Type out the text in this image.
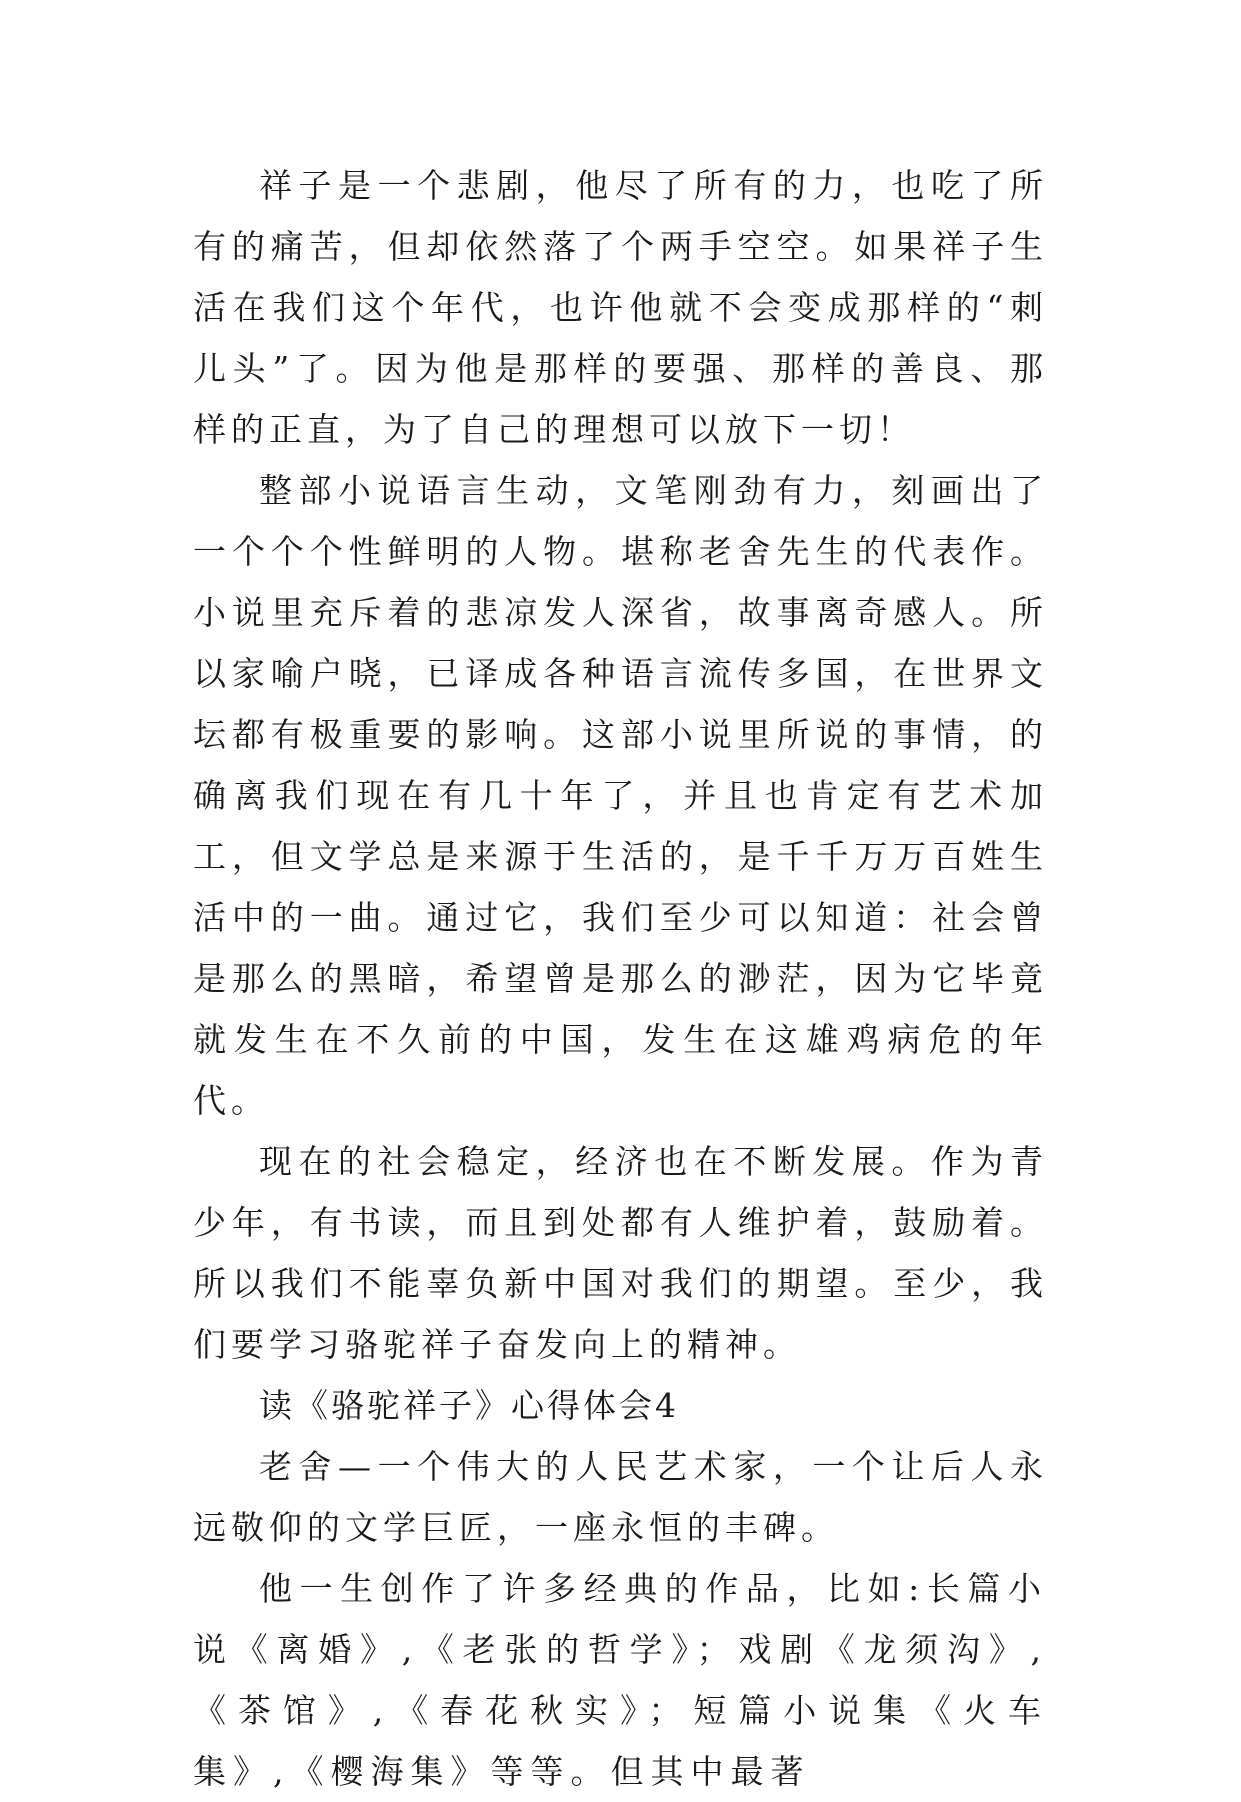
祥子是一个悲剧，他尽了所有的力，也吃了所有的痛苦，但却依然落了个两手空空。如果祥子生活在我们这个年代，也许他就不会变成那样的“刺儿头”了。因为他是那样的要强、那样的善良、那样的正直，为了自己的理想可以放下一切！

整部小说语言生动，文笔刚劲有力，刻画出了一个个个性鲜明的人物。堪称老舍先生的代表作。小说里充斥着的悲凉发人深省，故事离奇感人。所以家喻户晓，已译成各种语言流传多国，在世界文坛都有极重要的影响。这部小说里所说的事情，的确离我们现在有几十年了，并且也肯定有艺术加工，但文学总是来源于生活的，是千千万万百姓生活中的一曲。通过它，我们至少可以知道：社会曾是那么的黑暗，希望曾是那么的渺茫，因为它毕竟就发生在不久前的中国，发生在这雄鸡病危的年代。

现在的社会稳定，经济也在不断发展。作为青少年，有书读，而且到处都有人维护着，鼓励着。所以我们不能辜负新中国对我们的期望。至少，我们要学习骆驼祥子奋发向上的精神。

读《骆驼祥子》心得体会4

老舍—一个伟大的人民艺术家，一个让后人永远敬仰的文学巨匠，一座永恒的丰碑。

他一生创作了许多经典的作品，比如:长篇小说《离婚》,《老张的哲学》；戏剧《龙须沟》,《茶馆》,《春花秋实》；短篇小说集《火车集》,《樱海集》等等。但其中最著
